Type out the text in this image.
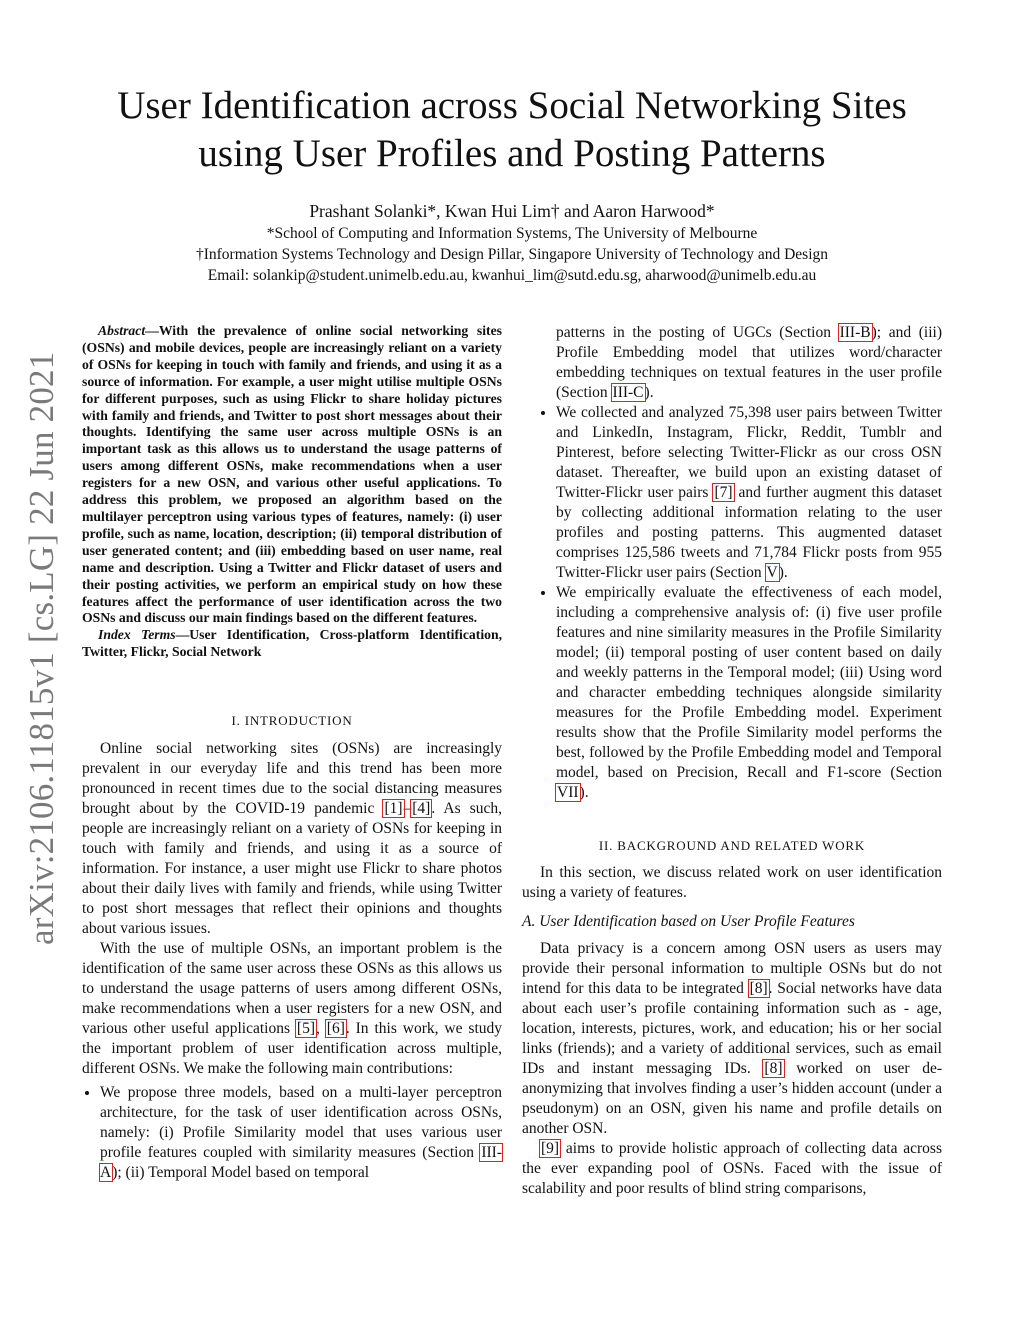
arXiv:2106.11815v1 [cs.LG] 22 Jun 2021
User Identification across Social Networking Sites
using User Profiles and Posting Patterns
Prashant Solanki*, Kwan Hui Lim† and Aaron Harwood*
*School of Computing and Information Systems, The University of Melbourne
†Information Systems Technology and Design Pillar, Singapore University of Technology and Design
Email: solankip@student.unimelb.edu.au, kwanhui_lim@sutd.edu.sg, aharwood@unimelb.edu.au

Abstract—With the prevalence of online social networking sites (OSNs) and mobile devices, people are increasingly reliant on a variety of OSNs for keeping in touch with family and friends, and using it as a source of information. For example, a user might utilise multiple OSNs for different purposes, such as using Flickr to share holiday pictures with family and friends, and Twitter to post short messages about their thoughts. Identifying the same user across multiple OSNs is an important task as this allows us to understand the usage patterns of users among different OSNs, make recommendations when a user registers for a new OSN, and various other useful applications. To address this problem, we proposed an algorithm based on the multilayer perceptron using various types of features, namely: (i) user profile, such as name, location, description; (ii) temporal distribution of user generated content; and (iii) embedding based on user name, real name and description. Using a Twitter and Flickr dataset of users and their posting activities, we perform an empirical study on how these features affect the performance of user identification across the two OSNs and discuss our main findings based on the different features.

Index Terms—User Identification, Cross-platform Identification, Twitter, Flickr, Social Network

I. INTRODUCTION

Online social networking sites (OSNs) are increasingly prevalent in our everyday life and this trend has been more pronounced in recent times due to the social distancing measures brought about by the COVID-19 pandemic [1]–[4]. As such, people are increasingly reliant on a variety of OSNs for keeping in touch with family and friends, and using it as a source of information. For instance, a user might use Flickr to share photos about their daily lives with family and friends, while using Twitter to post short messages that reflect their opinions and thoughts about various issues.

With the use of multiple OSNs, an important problem is the identification of the same user across these OSNs as this allows us to understand the usage patterns of users among different OSNs, make recommendations when a user registers for a new OSN, and various other useful applications [5], [6]. In this work, we study the important problem of user identification across multiple, different OSNs. We make the following main contributions:

• We propose three models, based on a multi-layer perceptron architecture, for the task of user identification across OSNs, namely: (i) Profile Similarity model that uses various user profile features coupled with similarity measures (Section III-A); (ii) Temporal Model based on temporal
patterns in the posting of UGCs (Section III-B); and (iii) Profile Embedding model that utilizes word/character embedding techniques on textual features in the user profile (Section III-C).
• We collected and analyzed 75,398 user pairs between Twitter and LinkedIn, Instagram, Flickr, Reddit, Tumblr and Pinterest, before selecting Twitter-Flickr as our cross OSN dataset. Thereafter, we build upon an existing dataset of Twitter-Flickr user pairs [7] and further augment this dataset by collecting additional information relating to the user profiles and posting patterns. This augmented dataset comprises 125,586 tweets and 71,784 Flickr posts from 955 Twitter-Flickr user pairs (Section V).
• We empirically evaluate the effectiveness of each model, including a comprehensive analysis of: (i) five user profile features and nine similarity measures in the Profile Similarity model; (ii) temporal posting of user content based on daily and weekly patterns in the Temporal model; (iii) Using word and character embedding techniques alongside similarity measures for the Profile Embedding model. Experiment results show that the Profile Similarity model performs the best, followed by the Profile Embedding model and Temporal model, based on Precision, Recall and F1-score (Section VII).
II. BACKGROUND AND RELATED WORK

In this section, we discuss related work on user identification using a variety of features.

A. User Identification based on User Profile Features

Data privacy is a concern among OSN users as users may provide their personal information to multiple OSNs but do not intend for this data to be integrated [8]. Social networks have data about each user’s profile containing information such as - age, location, interests, pictures, work, and education; his or her social links (friends); and a variety of additional services, such as email IDs and instant messaging IDs. [8] worked on user de-anonymizing that involves finding a user’s hidden account (under a pseudonym) on an OSN, given his name and profile details on another OSN.

[9] aims to provide holistic approach of collecting data across the ever expanding pool of OSNs. Faced with the issue of scalability and poor results of blind string comparisons,
